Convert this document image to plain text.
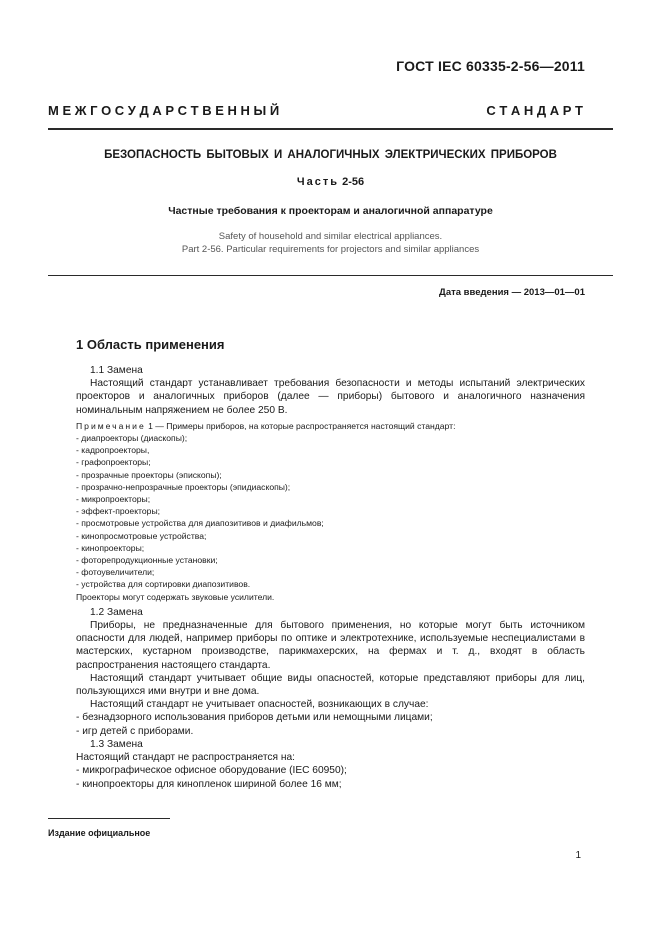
ГОСТ IEC 60335-2-56—2011
М Е Ж Г О С У Д А Р С Т В Е Н Н Ы Й	С Т А Н Д А Р Т
БЕЗОПАСНОСТЬ БЫТОВЫХ И АНАЛОГИЧНЫХ ЭЛЕКТРИЧЕСКИХ ПРИБОРОВ
Часть 2-56
Частные требования к проекторам и аналогичной аппаратуре
Safety of household and similar electrical appliances.
Part 2-56. Particular requirements for projectors and similar appliances
Дата введения — 2013—01—01
1 Область применения

1.1 Замена

Настоящий стандарт устанавливает требования безопасности и методы испытаний электрических проекторов и аналогичных приборов (далее — приборы) бытового и аналогичного назначения номинальным напряжением не более 250 В.

Примечание 1 — Примеры приборов, на которые распространяется настоящий стандарт:

- диапроекторы (диаскопы);

- кадропроекторы,

- графопроекторы;

- прозрачные проекторы (эпископы);

- прозрачно-непрозрачные проекторы (эпидиаскопы);

- микропроекторы;

- эффект-проекторы;

- просмотровые устройства для диапозитивов и диафильмов;

- кинопросмотровые устройства;

- кинопроекторы;

- фоторепродукционные установки;

- фотоувеличители;

- устройства для сортировки диапозитивов.

Проекторы могут содержать звуковые усилители.

1.2 Замена

Приборы, не предназначенные для бытового применения, но которые могут быть источником опасности для людей, например приборы по оптике и электротехнике, используемые неспециалистами в мастерских, кустарном производстве, парикмахерских, на фермах и т. д., входят в область распространения настоящего стандарта.

Настоящий стандарт учитывает общие виды опасностей, которые представляют приборы для лиц, пользующихся ими внутри и вне дома.

Настоящий стандарт не учитывает опасностей, возникающих в случае:

- безнадзорного использования приборов детьми или немощными лицами;

- игр детей с приборами.

1.3 Замена

Настоящий стандарт не распространяется на:

- микрографическое офисное оборудование (IEC 60950);

- кинопроекторы для кинопленок шириной более 16 мм;

Издание официальное
1
